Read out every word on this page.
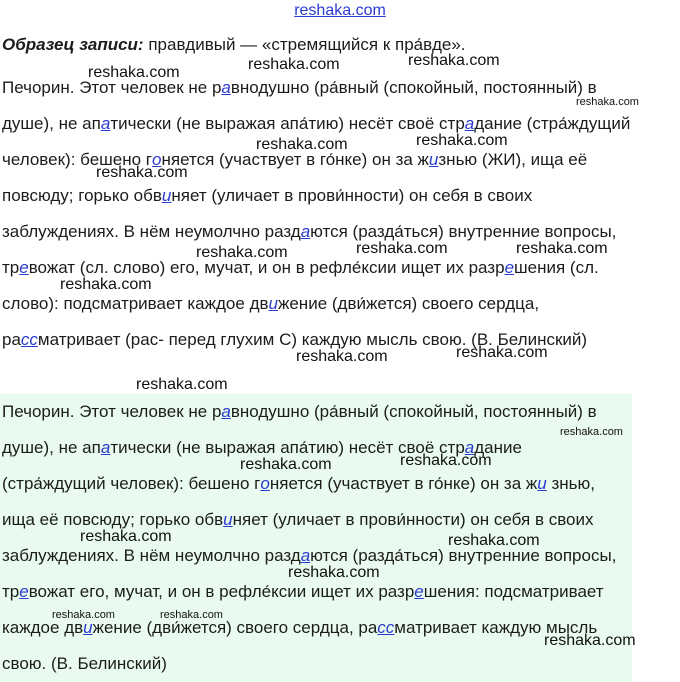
reshaka.com
Образец записи: правдивый — «стремящийся к пра́вде».
Печорин. Этот человек не равнодушно (ра́вный (спокойный, постоянный) в душе), не апатически (не выражая апа́тию) несёт своё страдание (стра́ждущий человек): бешено гоняется (участвует в го́нке) он за жизнью (ЖИ), ища её повсюду; горько обвиняет (уличает в прови́нности) он себя в своих заблуждениях. В нём неумолчно раздаются (разда́ться) внутренние вопросы, тревожат (сл. слово) его, мучат, и он в рефле́ксии ищет их разрешения (сл. слово): подсматривает каждое движение (дви́жется) своего сердца, рассматривает (рас- перед глухим С) каждую мысль свою. (В. Белинский)
Печорин. Этот человек не равнодушно (ра́вный (спокойный, постоянный) в душе), не апатически (не выражая апа́тию) несёт своё страдание (стра́ждущий человек): бешено гоняется (участвует в го́нке) он за жи знью, ища её повсюду; горько обвиняет (уличает в прови́нности) он себя в своих заблуждениях. В нём неумолчно раздаются (разда́ться) внутренние вопросы, тревожат его, мучат, и он в рефле́ксии ищет их разрешения: подсматривает каждое движение (дви́жется) своего сердца, рассматривает каждую мысль свою. (В. Белинский)
reshaka.com	reshaka.com	reshaka.com
reshaka.com
reshaka.com	reshaka.com
reshaka.com
reshaka.com	reshaka.com	reshaka.com
reshaka.com
reshaka.com	reshaka.com
reshaka.com
reshaka.com
reshaka.com	reshaka.com
reshaka.com	reshaka.com
reshaka.com
reshaka.com	reshaka.com
reshaka.com
